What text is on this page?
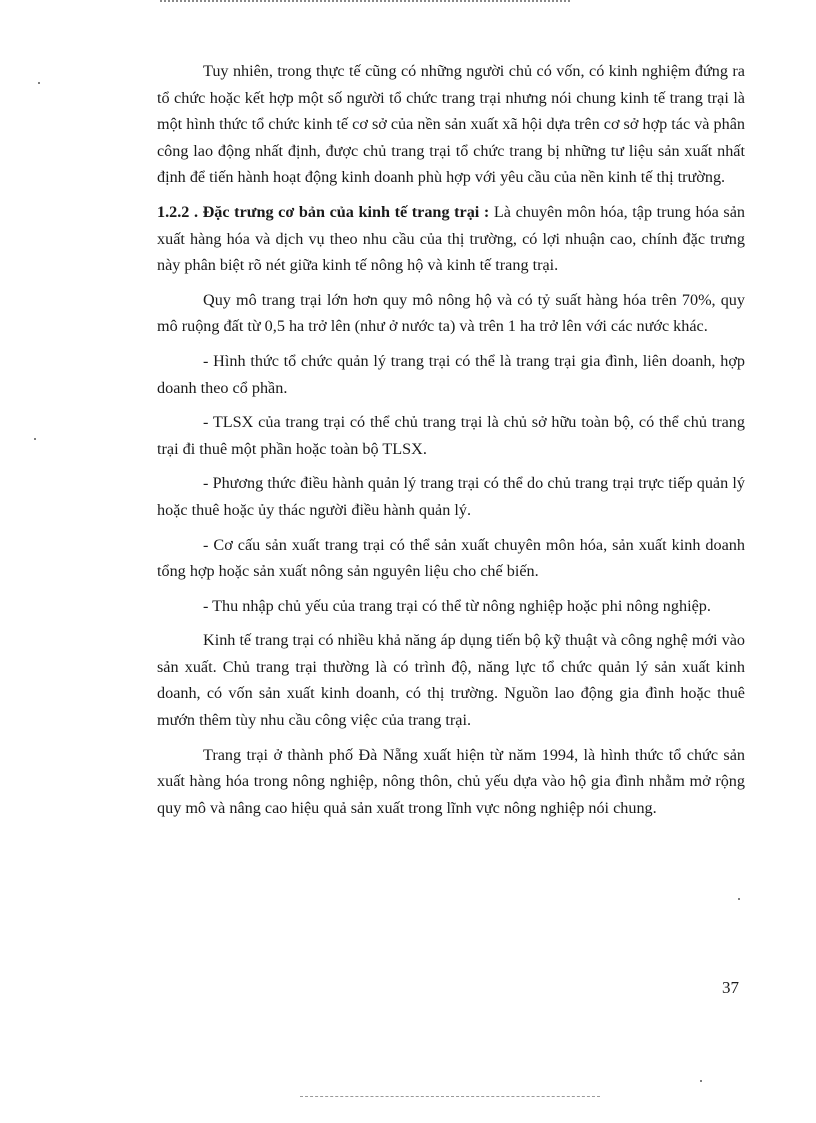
Tuy nhiên, trong thực tế cũng có những người chủ có vốn, có kinh nghiệm đứng ra tổ chức hoặc kết hợp một số người tổ chức trang trại nhưng nói chung kinh tế trang trại là một hình thức tổ chức kinh tế cơ sở của nền sản xuất xã hội dựa trên cơ sở hợp tác và phân công lao động nhất định, được chủ trang trại tổ chức trang bị những tư liệu sản xuất nhất định để tiến hành hoạt động kinh doanh phù hợp với yêu cầu của nền kinh tế thị trường.

1.2.2 . Đặc trưng cơ bản của kinh tế trang trại : Là chuyên môn hóa, tập trung hóa sản xuất hàng hóa và dịch vụ theo nhu cầu của thị trường, có lợi nhuận cao, chính đặc trưng này phân biệt rõ nét giữa kinh tế nông hộ và kinh tế trang trại.

Quy mô trang trại lớn hơn quy mô nông hộ và có tỷ suất hàng hóa trên 70%, quy mô ruộng đất từ 0,5 ha trở lên (như ở nước ta) và trên 1 ha trở lên với các nước khác.

- Hình thức tổ chức quản lý trang trại có thể là trang trại gia đình, liên doanh, hợp doanh theo cổ phần.

- TLSX của trang trại có thể chủ trang trại là chủ sở hữu toàn bộ, có thể chủ trang trại đi thuê một phần hoặc toàn bộ TLSX.

- Phương thức điều hành quản lý trang trại có thể do chủ trang trại trực tiếp quản lý hoặc thuê hoặc ủy thác người điều hành quản lý.

- Cơ cấu sản xuất trang trại có thể sản xuất chuyên môn hóa, sản xuất kinh doanh tổng hợp hoặc sản xuất nông sản nguyên liệu cho chế biến.

- Thu nhập chủ yếu của trang trại có thể từ nông nghiệp hoặc phi nông nghiệp.

Kinh tế trang trại có nhiều khả năng áp dụng tiến bộ kỹ thuật và công nghệ mới vào sản xuất. Chủ trang trại thường là có trình độ, năng lực tổ chức quản lý sản xuất kinh doanh, có vốn sản xuất kinh doanh, có thị trường. Nguồn lao động gia đình hoặc thuê mướn thêm tùy nhu cầu công việc của trang trại.

Trang trại ở thành phố Đà Nẵng xuất hiện từ năm 1994, là hình thức tổ chức sản xuất hàng hóa trong nông nghiệp, nông thôn, chủ yếu dựa vào hộ gia đình nhằm mở rộng quy mô và nâng cao hiệu quả sản xuất trong lĩnh vực nông nghiệp nói chung.

37
